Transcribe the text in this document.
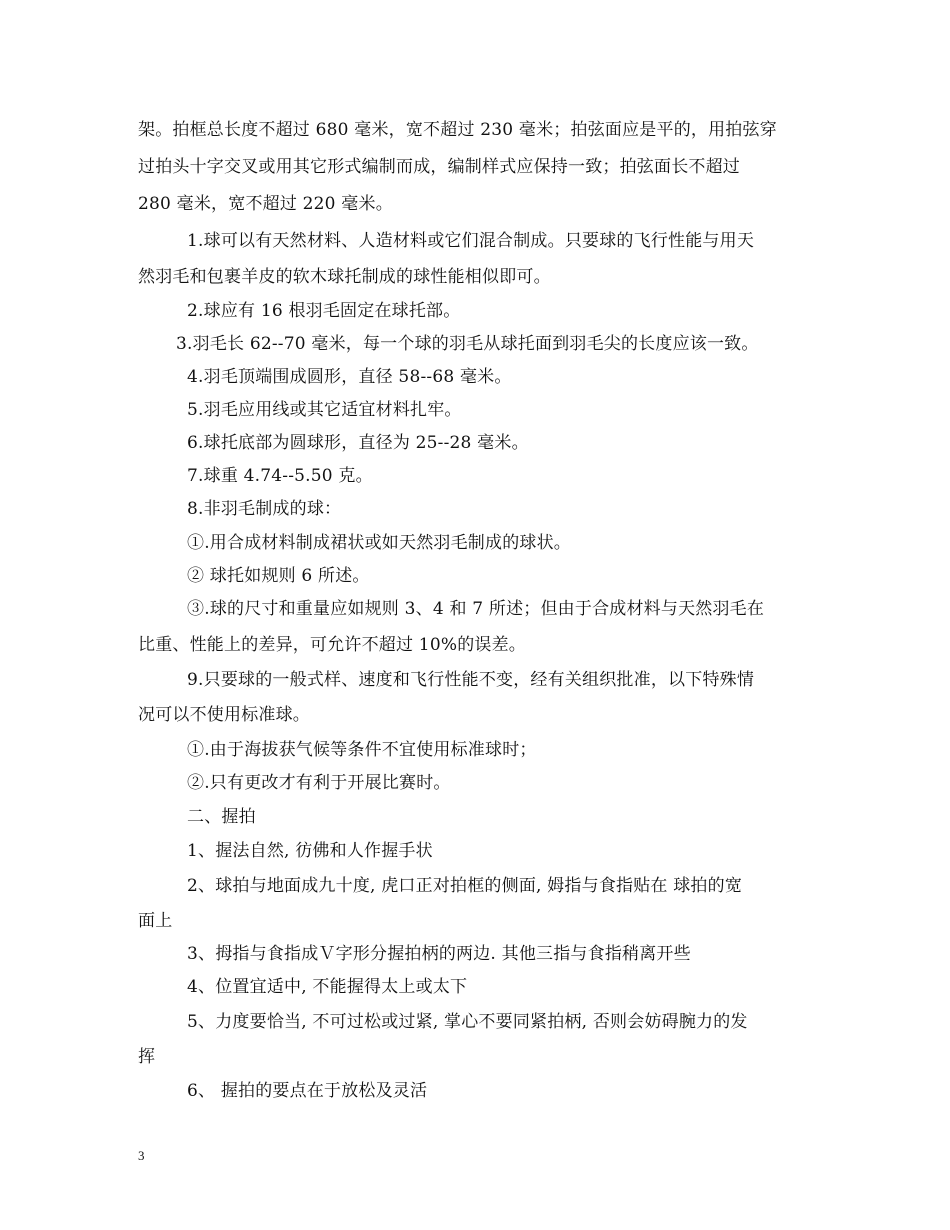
架。拍框总长度不超过 680 毫米，宽不超过 230 毫米；拍弦面应是平的，用拍弦穿
过拍头十字交叉或用其它形式编制而成，编制样式应保持一致；拍弦面长不超过
280 毫米，宽不超过 220 毫米。
1.球可以有天然材料、人造材料或它们混合制成。只要球的飞行性能与用天
然羽毛和包裹羊皮的软木球托制成的球性能相似即可。
2.球应有 16 根羽毛固定在球托部。
3.羽毛长 62--70 毫米，每一个球的羽毛从球托面到羽毛尖的长度应该一致。
4.羽毛顶端围成圆形，直径 58--68 毫米。
5.羽毛应用线或其它适宜材料扎牢。
6.球托底部为圆球形，直径为 25--28 毫米。
7.球重 4.74--5.50 克。
8.非羽毛制成的球：
①.用合成材料制成裙状或如天然羽毛制成的球状。
② 球托如规则 6 所述。
③.球的尺寸和重量应如规则 3、4 和 7 所述；但由于合成材料与天然羽毛在
比重、性能上的差异，可允许不超过 10%的误差。
9.只要球的一般式样、速度和飞行性能不变，经有关组织批准，以下特殊情
况可以不使用标准球。
①.由于海拔获气候等条件不宜使用标准球时；
②.只有更改才有利于开展比赛时。
二、握拍
1、握法自然, 彷佛和人作握手状
2、球拍与地面成九十度, 虎口正对拍框的侧面, 姆指与食指贴在 球拍的宽
面上
3、拇指与食指成Ｖ字形分握拍柄的两边. 其他三指与食指稍离开些
4、位置宜适中, 不能握得太上或太下
5、力度要恰当, 不可过松或过紧, 掌心不要同紧拍柄, 否则会妨碍腕力的发
挥
6、 握拍的要点在于放松及灵活
3
